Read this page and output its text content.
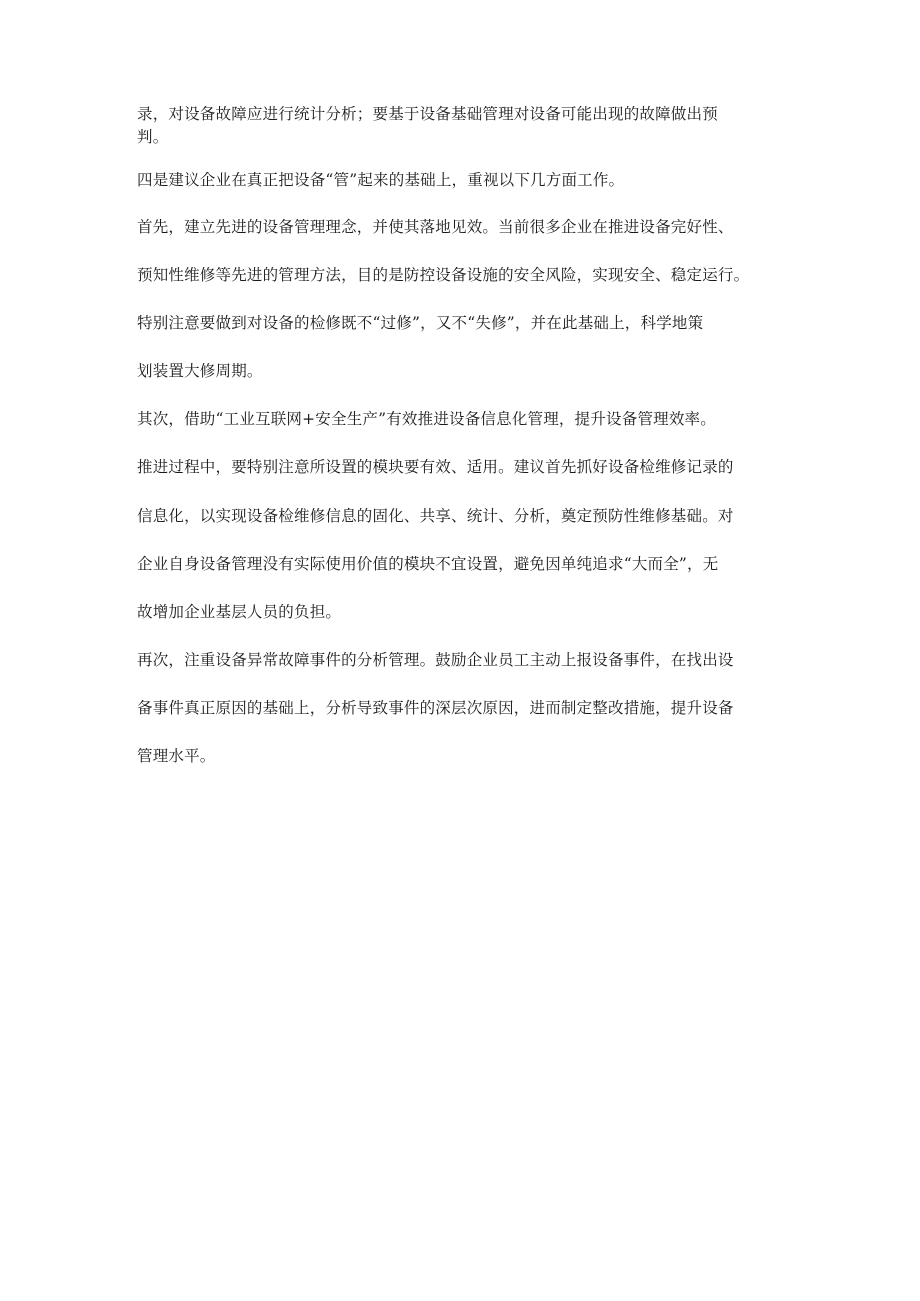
录，对设备故障应进行统计分析；要基于设备基础管理对设备可能出现的故障做出预
判。
四是建议企业在真正把设备“管”起来的基础上，重视以下几方面工作。
首先，建立先进的设备管理理念，并使其落地见效。当前很多企业在推进设备完好性、
预知性维修等先进的管理方法，目的是防控设备设施的安全风险，实现安全、稳定运行。
特别注意要做到对设备的检修既不“过修”，又不“失修”，并在此基础上，科学地策
划装置大修周期。
其次，借助“工业互联网+安全生产”有效推进设备信息化管理，提升设备管理效率。
推进过程中，要特别注意所设置的模块要有效、适用。建议首先抓好设备检维修记录的
信息化，以实现设备检维修信息的固化、共享、统计、分析，奠定预防性维修基础。对
企业自身设备管理没有实际使用价值的模块不宜设置，避免因单纯追求“大而全”，无
故增加企业基层人员的负担。
再次，注重设备异常故障事件的分析管理。鼓励企业员工主动上报设备事件，在找出设
备事件真正原因的基础上，分析导致事件的深层次原因，进而制定整改措施，提升设备
管理水平。
